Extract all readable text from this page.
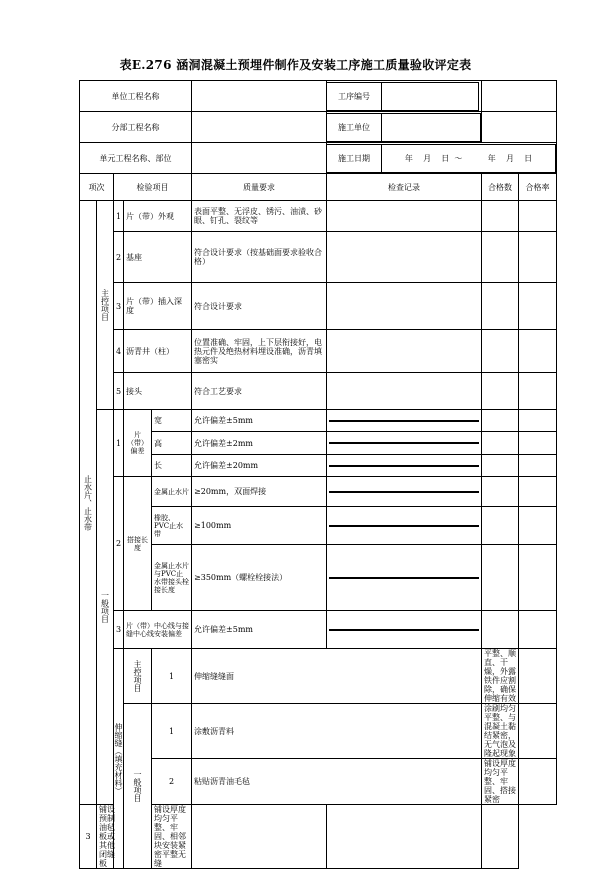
表E.276 涵洞混凝土预埋件制作及安装工序施工质量验收评定表
单位工程名称			工序编号	

分部工程名称			施工单位	

单元工程名称、部位			施工日期	年    月    日  ～          年    月    日

项次	检验项目	质量要求	检查记录	合格数	合格率
止水片、止水带	主控项目	1	片（带）外观	表面平整、无浮皮、锈污、油渍、砂眼、钉孔、裂纹等			
2	基座	符合设计要求（按基础面要求验收合格）			
3	片（带）插入深度	符合设计要求			
4	沥青井（柱）	位置准确、牢固，上下层衔接好，电热元件及绝热材料埋设准确，沥青填塞密实			
5	接头	符合工艺要求			
一般项目	1	片（带）偏差	宽	允许偏差±5mm	

高	允许偏差±2mm	

长	允许偏差±20mm	

2	搭接长度	金属止水片	≥20mm，双面焊接	

橡胶、PVC止水带	≥100mm	

金属止水片与PVC止水带接头栓接长度	≥350mm（螺栓栓接法）	

3	片（带）中心线与接缝中心线安装偏差	允许偏差±5mm	

伸缩缝（填充材料）	主控项目	1	伸缩缝缝面	平整、顺直、干燥，外露铁件应割除，确保伸缩有效			
一般项目	1	涂敷沥青料	涂刷均匀平整、与混凝土黏结紧密，无气泡及隆起现象			
2	粘贴沥青油毛毡	铺设厚度均匀平整、牢固、搭接紧密			
3	铺设预制油毡板或其他闭缝板	铺设厚度均匀平整、牢固、相邻块安装紧密平整无缝			
